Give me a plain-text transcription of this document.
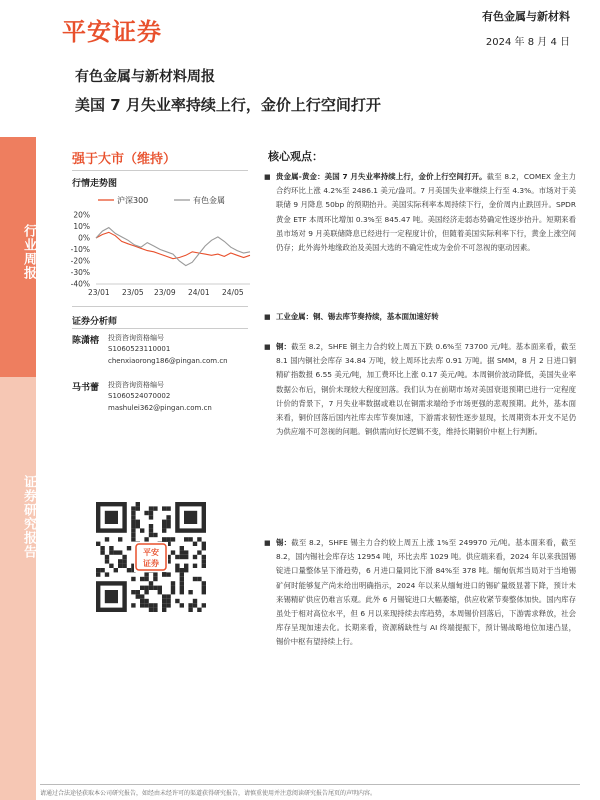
平安证券
有色金属与新材料
2024 年 8 月 4 日
有色金属与新材料周报
美国 7 月失业率持续上行，金价上行空间打开
行业周报
证券研究报告
强于大市（维持）
行情走势图
沪深300	有色金属
20%
10%
0%
-10%
-20%
-30%
-40%
23/01 23/05 23/09 24/01 24/05
证券分析师
陈潇榕 投资咨询资格编号
S1060523110001
chenxiaorong186@pingan.com.cn
马书蕾 投资咨询资格编号
S1060524070002
mashulei362@pingan.com.cn
平安
证券
核心观点：
■ 贵金属-黄金：美国 7 月失业率持续上行，金价上行空间打开。截至 8.2，COMEX 金主力合约环比上涨 4.2%至 2486.1 美元/盎司。7 月美国失业率继续上行至 4.3%。市场对于美联储 9 月降息 50bp 的预期抬升。美国实际利率本周持续下行，金价周内止跌回升。SPDR 黄金 ETF 本周环比增加 0.3%至 845.47 吨。美国经济走弱态势确定性逐步抬升。短期来看虽市场对 9 月美联储降息已经进行一定程度计价，但随着美国实际利率下行，黄金上涨空间仍存；此外海外地缘政治及美国大选的不确定性成为金价不可忽视的驱动因素。
■ 工业金属：铜、锡去库节奏持续，基本面加速好转
■ 铜：截至 8.2，SHFE 铜主力合约较上周五下跌 0.6%至 73700 元/吨。基本面来看，截至 8.1 国内铜社会库存 34.84 万吨，较上周环比去库 0.91 万吨。据 SMM，8 月 2 日进口铜精矿指数报 6.55 美元/吨，加工费环比上涨 0.17 美元/吨。本周铜价波动降低，美国失业率数据公布后，铜价未现较大程度回落。我们认为在前期市场对美国衰退预期已进行一定程度计价的背景下，7 月失业率数据或难以在铜需求端给予市场更强的悲观预期。此外，基本面来看，铜价回落后国内社库去库节奏加速，下游需求韧性逐步显现，长周期资本开支不足仍为供应端不可忽视的问题。铜供需向好长逻辑不变，维持长期铜价中枢上行判断。
■ 锡：截至 8.2，SHFE 锡主力合约较上周五上涨 1%至 249970 元/吨。基本面来看，截至 8.2，国内锡社会库存达 12954 吨，环比去库 1029 吨。供应端来看，2024 年以来我国锡锭进口量整体呈下滑趋势，6 月进口量同比下滑 84%至 378 吨。缅甸佤邦当局对于当地锡矿何时能够复产尚未给出明确指示，2024 年以来从缅甸进口的锡矿量级显著下降，预计未来锡精矿供应仍难言乐观。此外 6 月锡锭进口大幅萎缩，供应收紧节奏整体加快。国内库存虽处于相对高位水平，但 6 月以来现持续去库趋势，本周锡价回落后，下游需求释放，社会库存呈现加速去化。长期来看，资源稀缺性与 AI 终端提振下，预计锡战略地位加速凸显，锡价中枢有望持续上行。
请通过合法途径获取本公司研究报告，如经由未经许可的渠道获得研究报告，请慎重使用并注意阅读研究报告尾页的声明内容。
